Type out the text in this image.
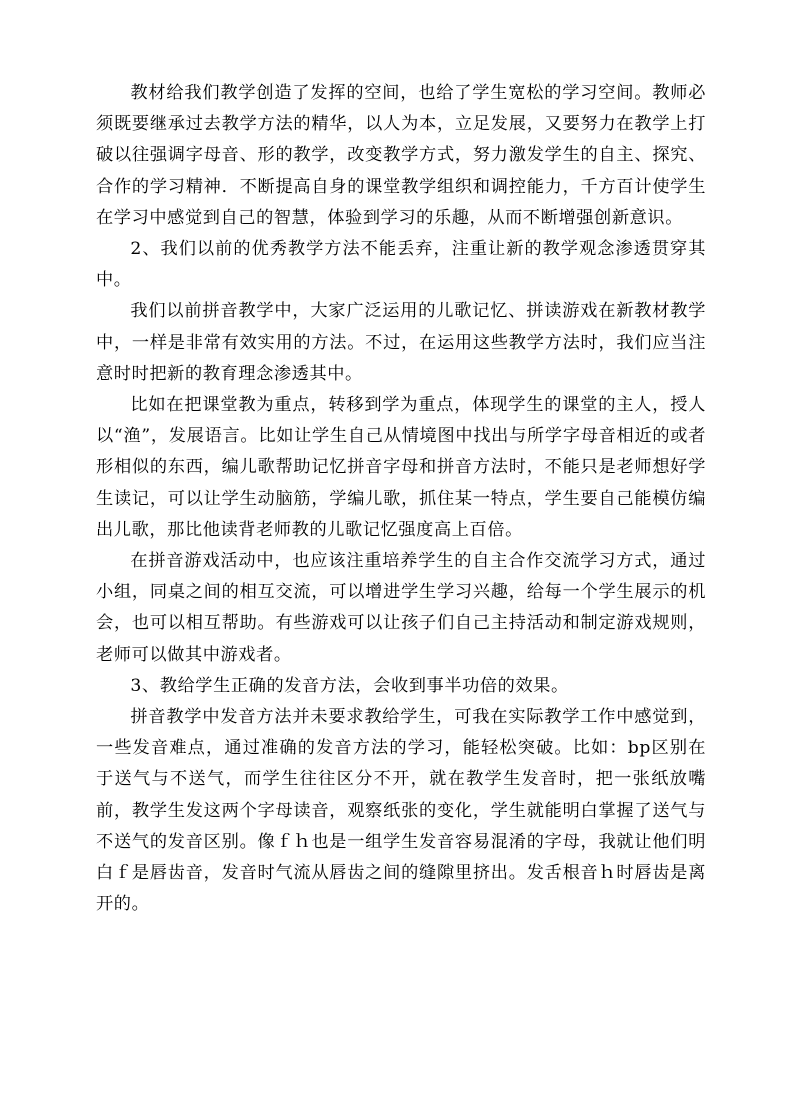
教材给我们教学创造了发挥的空间，也给了学生宽松的学习空间。教师必须既要继承过去教学方法的精华，以人为本，立足发展，又要努力在教学上打破以往强调字母音、形的教学，改变教学方式，努力激发学生的自主、探究、合作的学习精神．不断提高自身的课堂教学组织和调控能力，千方百计使学生在学习中感觉到自己的智慧，体验到学习的乐趣，从而不断增强创新意识。

2、我们以前的优秀教学方法不能丢弃，注重让新的教学观念渗透贯穿其中。

我们以前拼音教学中，大家广泛运用的儿歌记忆、拼读游戏在新教材教学中，一样是非常有效实用的方法。不过，在运用这些教学方法时，我们应当注意时时把新的教育理念渗透其中。

比如在把课堂教为重点，转移到学为重点，体现学生的课堂的主人，授人以“渔”，发展语言。比如让学生自己从情境图中找出与所学字母音相近的或者形相似的东西，编儿歌帮助记忆拼音字母和拼音方法时，不能只是老师想好学生读记，可以让学生动脑筋，学编儿歌，抓住某一特点，学生要自己能模仿编出儿歌，那比他读背老师教的儿歌记忆强度高上百倍。

在拼音游戏活动中，也应该注重培养学生的自主合作交流学习方式，通过小组，同桌之间的相互交流，可以增进学生学习兴趣，给每一个学生展示的机会，也可以相互帮助。有些游戏可以让孩子们自己主持活动和制定游戏规则，老师可以做其中游戏者。

3、教给学生正确的发音方法，会收到事半功倍的效果。

拼音教学中发音方法并未要求教给学生，可我在实际教学工作中感觉到，一些发音难点，通过准确的发音方法的学习，能轻松突破。比如：bp区别在于送气与不送气，而学生往往区分不开，就在教学生发音时，把一张纸放嘴前，教学生发这两个字母读音，观察纸张的变化，学生就能明白掌握了送气与不送气的发音区别。像ｆｈ也是一组学生发音容易混淆的字母，我就让他们明白ｆ是唇齿音，发音时气流从唇齿之间的缝隙里挤出。发舌根音ｈ时唇齿是离开的。
